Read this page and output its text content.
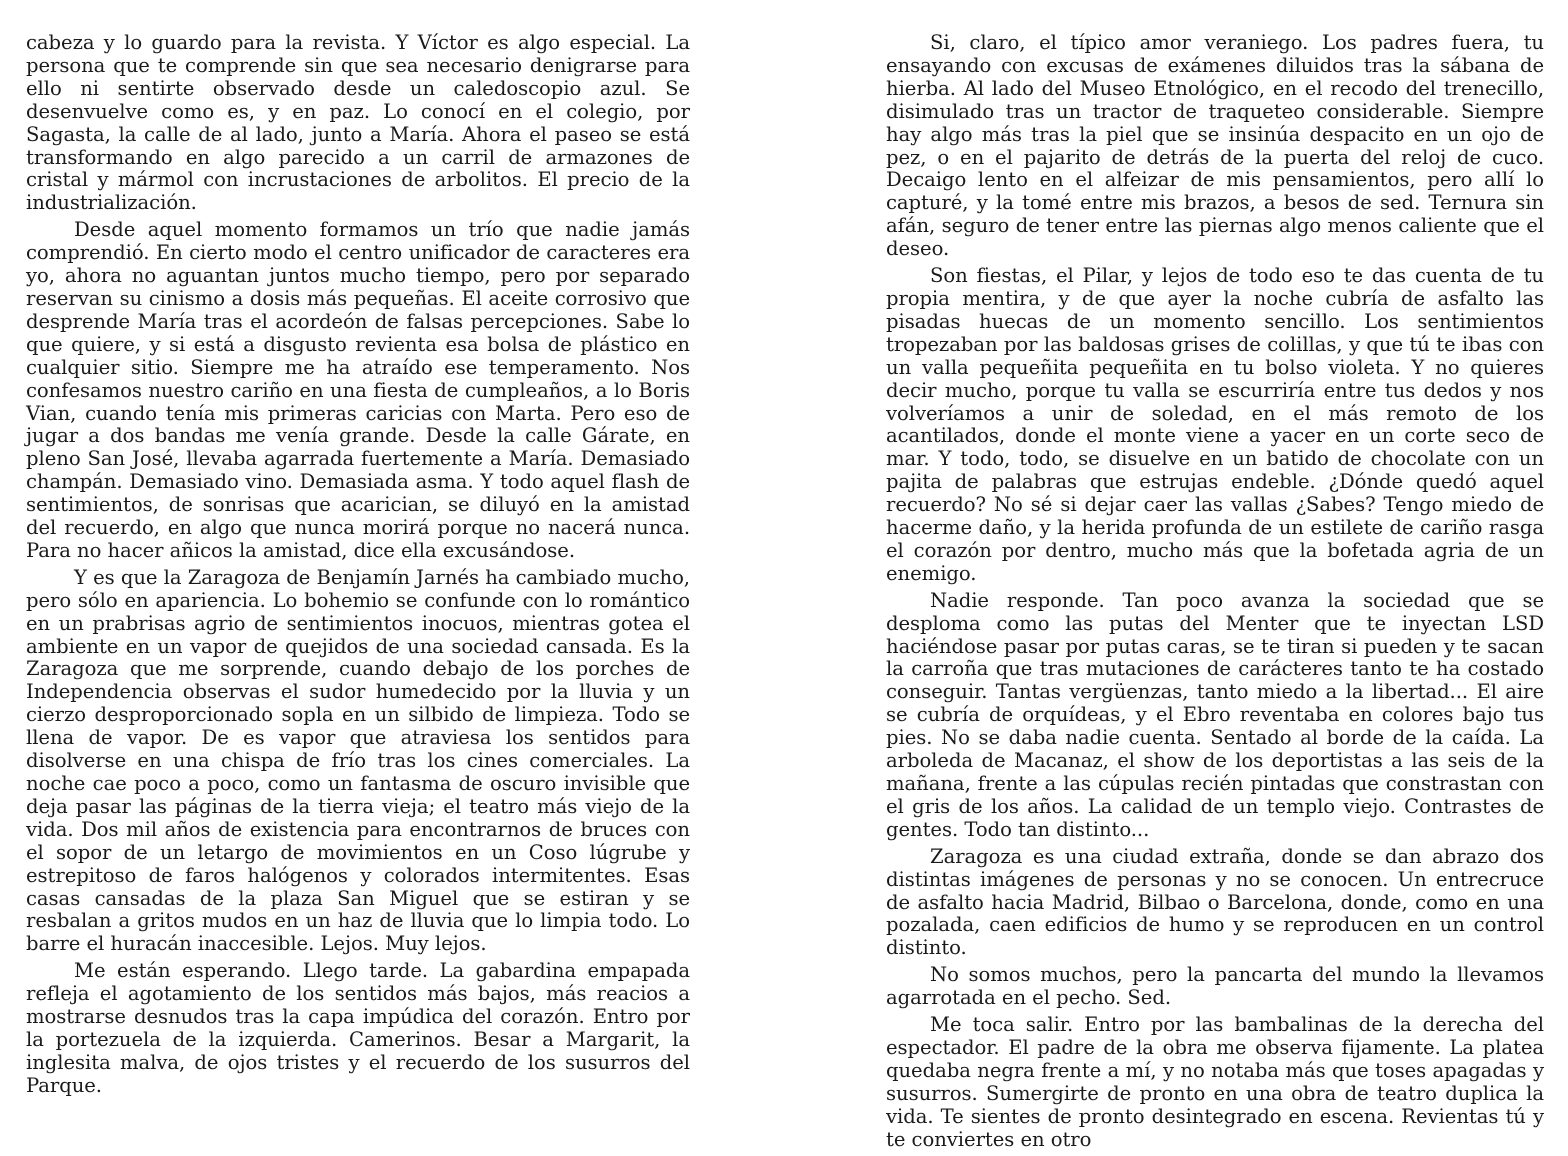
cabeza y lo guardo para la revista. Y Víctor es algo especial. La persona que te comprende sin que sea necesario denigrarse para ello ni sentirte observado desde un caledoscopio azul. Se desenvuelve como es, y en paz. Lo conocí en el colegio, por Sagasta, la calle de al lado, junto a María. Ahora el paseo se está transformando en algo parecido a un carril de armazones de cristal y mármol con incrustaciones de arbolitos. El precio de la industrialización.

Desde aquel momento formamos un trío que nadie jamás comprendió. En cierto modo el centro unificador de caracteres era yo, ahora no aguantan juntos mucho tiempo, pero por separado reservan su cinismo a dosis más pequeñas. El aceite corrosivo que desprende María tras el acordeón de falsas percepciones. Sabe lo que quiere, y si está a disgusto revienta esa bolsa de plástico en cualquier sitio. Siempre me ha atraído ese temperamento. Nos confesamos nuestro cariño en una fiesta de cumpleaños, a lo Boris Vian, cuando tenía mis primeras caricias con Marta. Pero eso de jugar a dos bandas me venía grande. Desde la calle Gárate, en pleno San José, llevaba agarrada fuertemente a María. Demasiado champán. Demasiado vino. Demasiada asma. Y todo aquel flash de sentimientos, de sonrisas que acarician, se diluyó en la amistad del recuerdo, en algo que nunca morirá porque no nacerá nunca. Para no hacer añicos la amistad, dice ella excusándose.

Y es que la Zaragoza de Benjamín Jarnés ha cambiado mucho, pero sólo en apariencia. Lo bohemio se confunde con lo romántico en un prabrisas agrio de sentimientos inocuos, mientras gotea el ambiente en un vapor de quejidos de una sociedad cansada. Es la Zaragoza que me sorprende, cuando debajo de los porches de Independencia observas el sudor humedecido por la lluvia y un cierzo desproporcionado sopla en un silbido de limpieza. Todo se llena de vapor. De es vapor que atraviesa los sentidos para disolverse en una chispa de frío tras los cines comerciales. La noche cae poco a poco, como un fantasma de oscuro invisible que deja pasar las páginas de la tierra vieja; el teatro más viejo de la vida. Dos mil años de existencia para encontrarnos de bruces con el sopor de un letargo de movimientos en un Coso lúgrube y estrepitoso de faros halógenos y colorados intermitentes. Esas casas cansadas de la plaza San Miguel que se estiran y se resbalan a gritos mudos en un haz de lluvia que lo limpia todo. Lo barre el huracán inaccesible. Lejos. Muy lejos.

Me están esperando. Llego tarde. La gabardina empapada refleja el agotamiento de los sentidos más bajos, más reacios a mostrarse desnudos tras la capa impúdica del corazón. Entro por la portezuela de la izquierda. Camerinos. Besar a Margarit, la inglesita malva, de ojos tristes y el recuerdo de los susurros del Parque.

Si, claro, el típico amor veraniego. Los padres fuera, tu ensayando con excusas de exámenes diluidos tras la sábana de hierba. Al lado del Museo Etnológico, en el recodo del trenecillo, disimulado tras un tractor de traqueteo considerable. Siempre hay algo más tras la piel que se insinúa despacito en un ojo de pez, o en el pajarito de detrás de la puerta del reloj de cuco. Decaigo lento en el alfeizar de mis pensamientos, pero allí lo capturé, y la tomé entre mis brazos, a besos de sed. Ternura sin afán, seguro de tener entre las piernas algo menos caliente que el deseo.

Son fiestas, el Pilar, y lejos de todo eso te das cuenta de tu propia mentira, y de que ayer la noche cubría de asfalto las pisadas huecas de un momento sencillo. Los sentimientos tropezaban por las baldosas grises de colillas, y que tú te ibas con un valla pequeñita pequeñita en tu bolso violeta. Y no quieres decir mucho, porque tu valla se escurriría entre tus dedos y nos volveríamos a unir de soledad, en el más remoto de los acantilados, donde el monte viene a yacer en un corte seco de mar. Y todo, todo, se disuelve en un batido de chocolate con un pajita de palabras que estrujas endeble. ¿Dónde quedó aquel recuerdo? No sé si dejar caer las vallas ¿Sabes? Tengo miedo de hacerme daño, y la herida profunda de un estilete de cariño rasga el corazón por dentro, mucho más que la bofetada agria de un enemigo.

Nadie responde. Tan poco avanza la sociedad que se desploma como las putas del Menter que te inyectan LSD haciéndose pasar por putas caras, se te tiran si pueden y te sacan la carroña que tras mutaciones de carácteres tanto te ha costado conseguir. Tantas vergüenzas, tanto miedo a la libertad... El aire se cubría de orquídeas, y el Ebro reventaba en colores bajo tus pies. No se daba nadie cuenta. Sentado al borde de la caída. La arboleda de Macanaz, el show de los deportistas a las seis de la mañana, frente a las cúpulas recién pintadas que constrastan con el gris de los años. La calidad de un templo viejo. Contrastes de gentes. Todo tan distinto...

Zaragoza es una ciudad extraña, donde se dan abrazo dos distintas imágenes de personas y no se conocen. Un entrecruce de asfalto hacia Madrid, Bilbao o Barcelona, donde, como en una pozalada, caen edificios de humo y se reproducen en un control distinto.

No somos muchos, pero la pancarta del mundo la llevamos agarrotada en el pecho. Sed.

Me toca salir. Entro por las bambalinas de la derecha del espectador. El padre de la obra me observa fijamente. La platea quedaba negra frente a mí, y no notaba más que toses apagadas y susurros. Sumergirte de pronto en una obra de teatro duplica la vida. Te sientes de pronto desintegrado en escena. Revientas tú y te conviertes en otro
